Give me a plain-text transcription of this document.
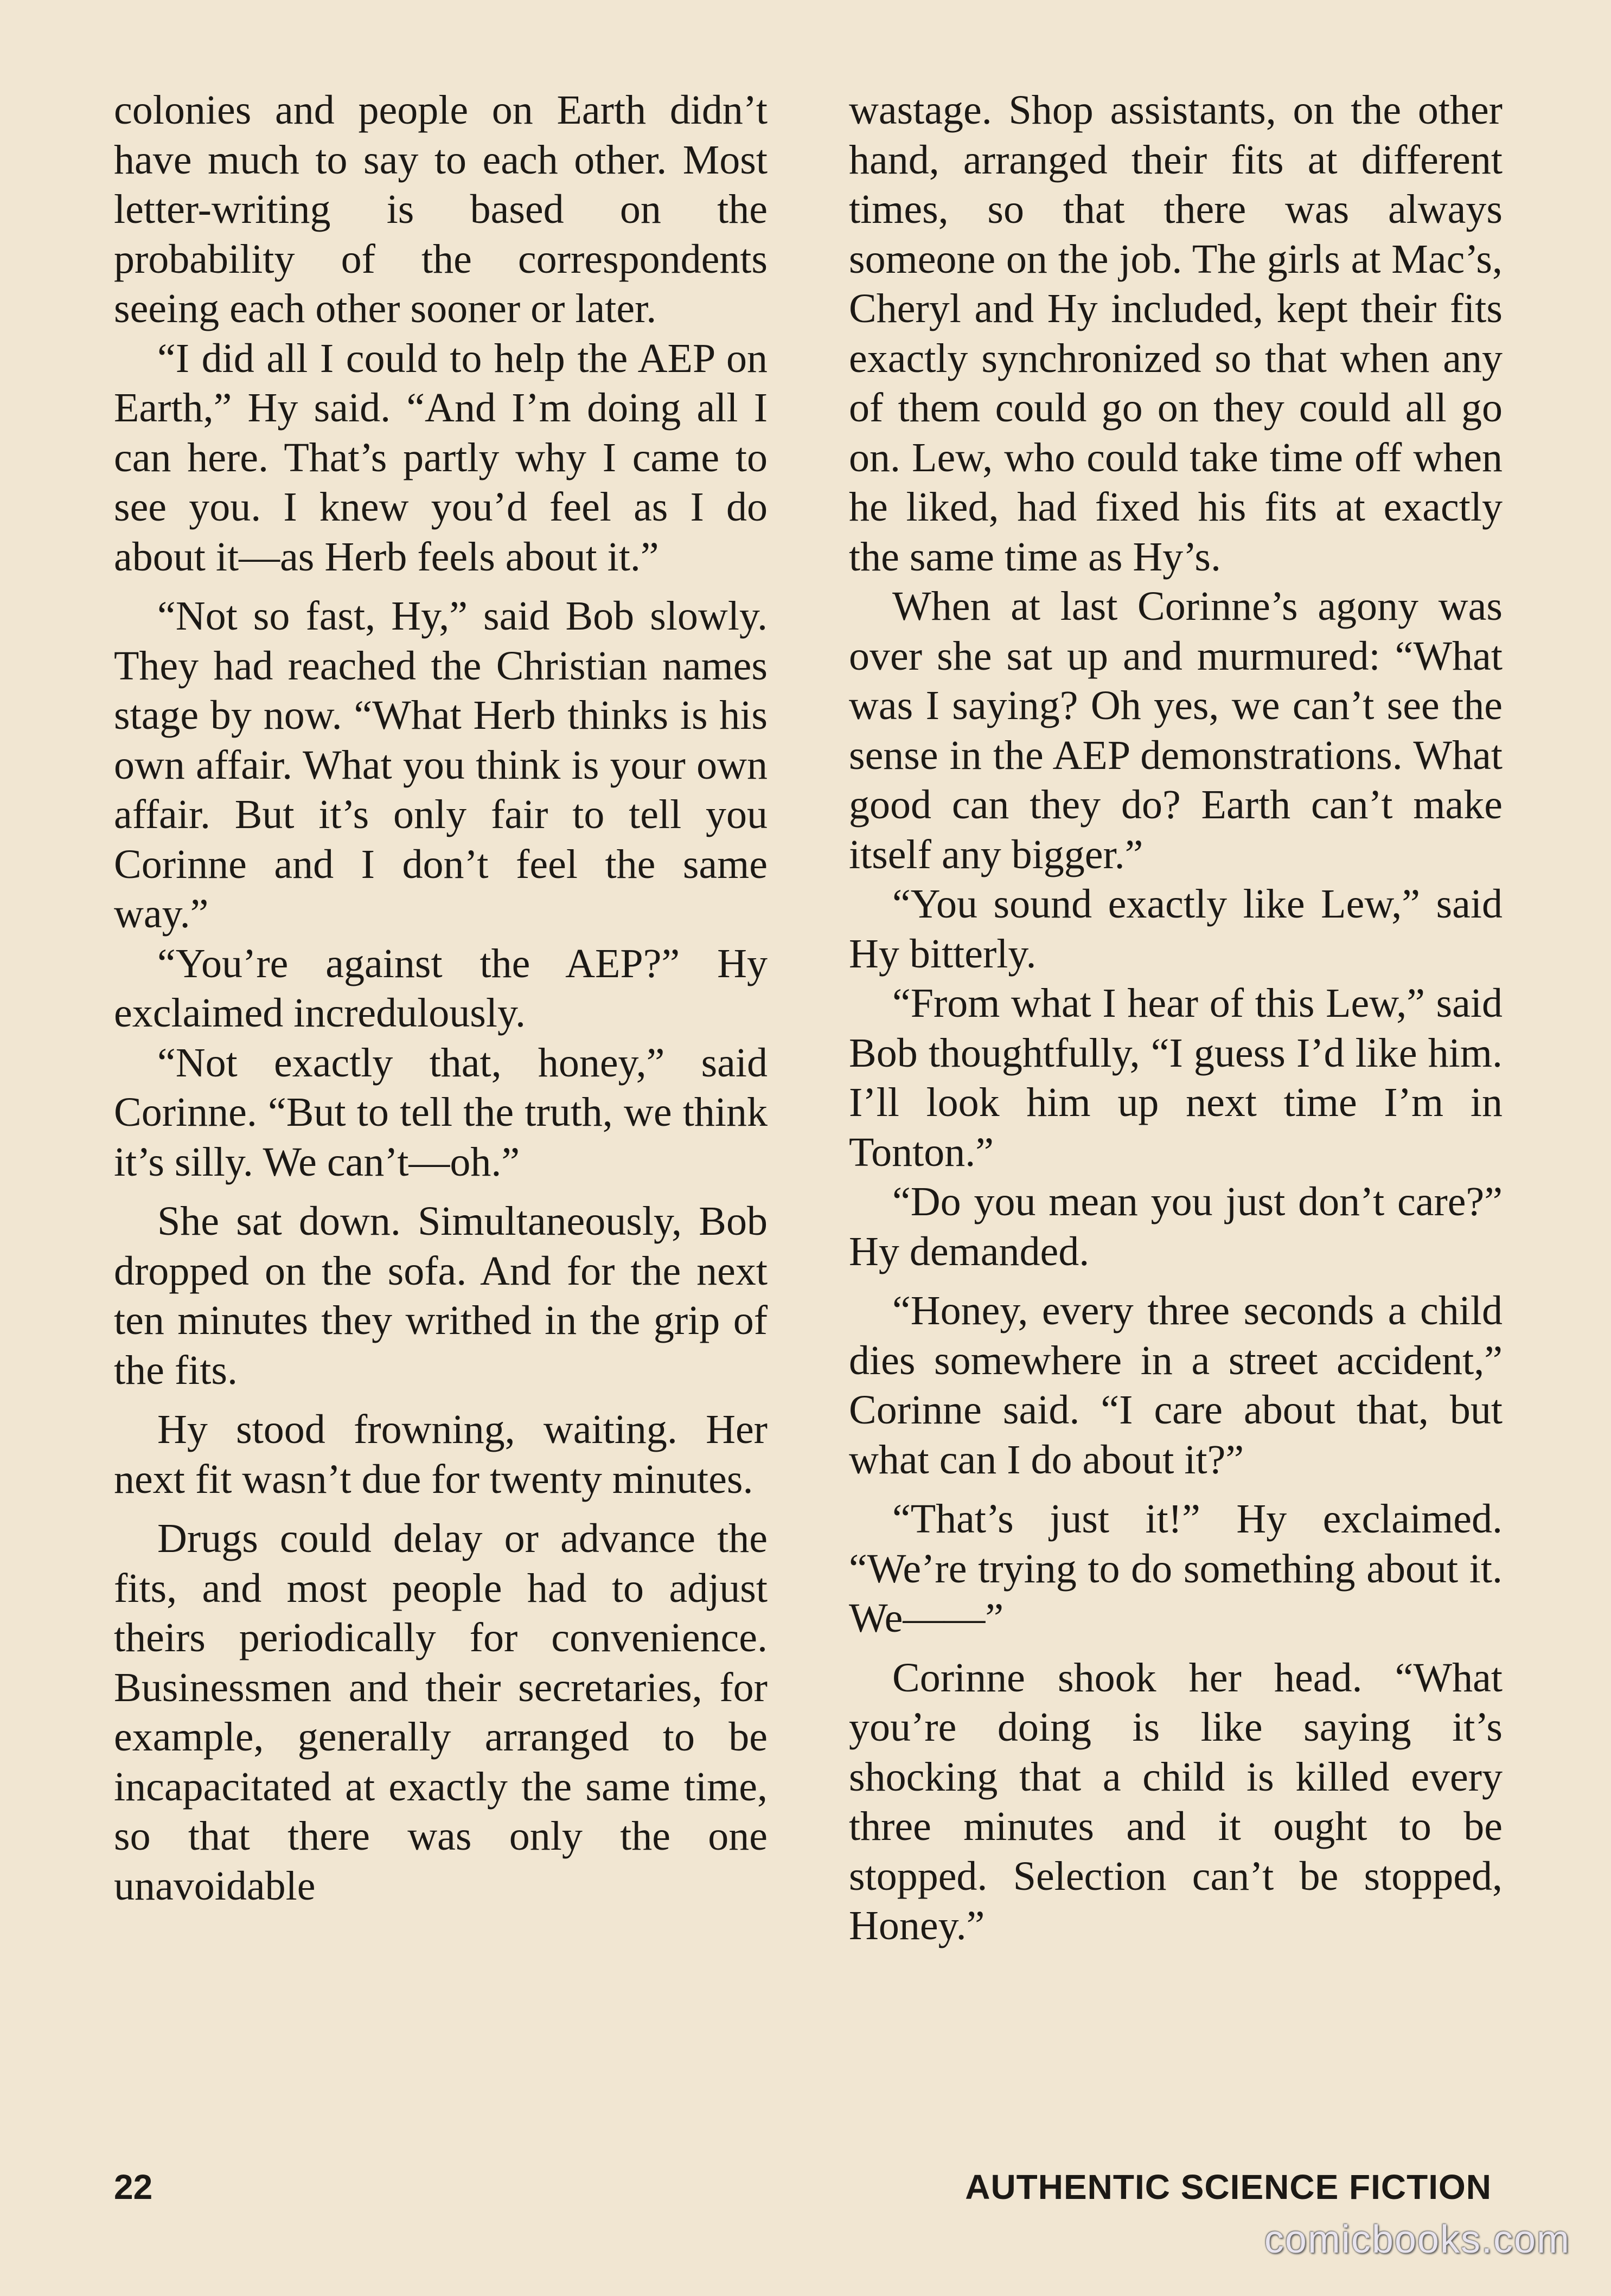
colonies and people on Earth didn’t have much to say to each other. Most letter-writing is based on the probability of the correspondents seeing each other sooner or later.

“I did all I could to help the AEP on Earth,” Hy said. “And I’m doing all I can here. That’s partly why I came to see you. I knew you’d feel as I do about it—as Herb feels about it.”

“Not so fast, Hy,” said Bob slowly. They had reached the Christian names stage by now. “What Herb thinks is his own affair. What you think is your own affair. But it’s only fair to tell you Corinne and I don’t feel the same way.”

“You’re against the AEP?” Hy exclaimed incredulously.

“Not exactly that, honey,” said Corinne. “But to tell the truth, we think it’s silly. We can’t—oh.”

She sat down. Simultaneously, Bob dropped on the sofa. And for the next ten minutes they writhed in the grip of the fits.

Hy stood frowning, waiting. Her next fit wasn’t due for twenty minutes.

Drugs could delay or advance the fits, and most people had to adjust theirs periodically for convenience. Businessmen and their secretaries, for example, generally arranged to be incapacitated at exactly the same time, so that there was only the one unavoidable

wastage. Shop assistants, on the other hand, arranged their fits at different times, so that there was always someone on the job. The girls at Mac’s, Cheryl and Hy included, kept their fits exactly synchronized so that when any of them could go on they could all go on. Lew, who could take time off when he liked, had fixed his fits at exactly the same time as Hy’s.

When at last Corinne’s agony was over she sat up and murmured: “What was I saying? Oh yes, we can’t see the sense in the AEP demonstrations. What good can they do? Earth can’t make itself any bigger.”

“You sound exactly like Lew,” said Hy bitterly.

“From what I hear of this Lew,” said Bob thoughtfully, “I guess I’d like him. I’ll look him up next time I’m in Tonton.”

“Do you mean you just don’t care?” Hy demanded.

“Honey, every three seconds a child dies somewhere in a street accident,” Corinne said. “I care about that, but what can I do about it?”

“That’s just it!” Hy exclaimed. “We’re trying to do something about it. We——”

Corinne shook her head. “What you’re doing is like saying it’s shocking that a child is killed every three minutes and it ought to be stopped. Selection can’t be stopped, Honey.”

22	AUTHENTIC SCIENCE FICTION
comicbooks.com
